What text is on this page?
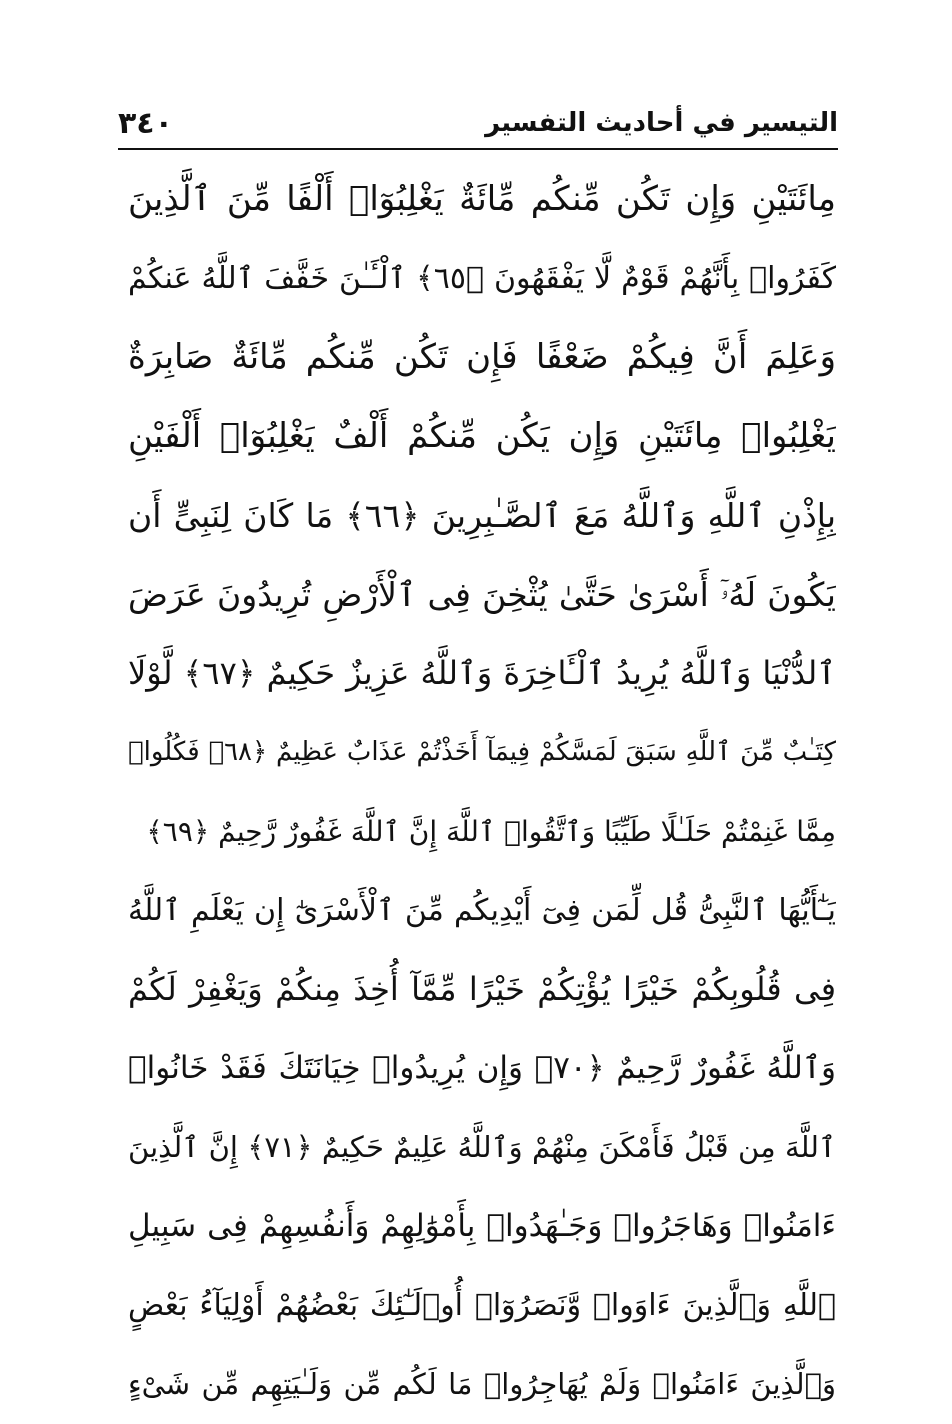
٣٤٠	التيسير في أحاديث التفسير
مِائَتَيْنِ وَإِن تَكُن مِّنكُم مِّائَةٌ يَغْلِبُوٓا۟ أَلْفًا مِّنَ ٱلَّذِينَ
كَفَرُوا۟ بِأَنَّهُمْ قَوْمٌ لَّا يَفْقَهُونَ ﴿٦٥﴾ ٱلْـَٔـٰنَ خَفَّفَ ٱللَّهُ عَنكُمْ
وَعَلِمَ أَنَّ فِيكُمْ ضَعْفًا فَإِن تَكُن مِّنكُم مِّائَةٌ صَابِرَةٌ
يَغْلِبُوا۟ مِائَتَيْنِ وَإِن يَكُن مِّنكُمْ أَلْفٌ يَغْلِبُوٓا۟ أَلْفَيْنِ
بِإِذْنِ ٱللَّهِ وَٱللَّهُ مَعَ ٱلصَّـٰبِرِينَ ﴿٦٦﴾ مَا كَانَ لِنَبِىٍّ أَن
يَكُونَ لَهُۥٓ أَسْرَىٰ حَتَّىٰ يُثْخِنَ فِى ٱلْأَرْضِ تُرِيدُونَ عَرَضَ
ٱلدُّنْيَا وَٱللَّهُ يُرِيدُ ٱلْـَٔاخِرَةَ وَٱللَّهُ عَزِيزٌ حَكِيمٌ ﴿٦٧﴾ لَّوْلَا
كِتَـٰبٌ مِّنَ ٱللَّهِ سَبَقَ لَمَسَّكُمْ فِيمَآ أَخَذْتُمْ عَذَابٌ عَظِيمٌ ﴿٦٨﴾ فَكُلُوا۟
مِمَّا غَنِمْتُمْ حَلَـٰلًا طَيِّبًا وَٱتَّقُوا۟ ٱللَّهَ إِنَّ ٱللَّهَ غَفُورٌ رَّحِيمٌ ﴿٦٩﴾
يَـٰٓأَيُّهَا ٱلنَّبِىُّ قُل لِّمَن فِىٓ أَيْدِيكُم مِّنَ ٱلْأَسْرَىٰٓ إِن يَعْلَمِ ٱللَّهُ
فِى قُلُوبِكُمْ خَيْرًا يُؤْتِكُمْ خَيْرًا مِّمَّآ أُخِذَ مِنكُمْ وَيَغْفِرْ لَكُمْ
وَٱللَّهُ غَفُورٌ رَّحِيمٌ ﴿٧٠﴾ وَإِن يُرِيدُوا۟ خِيَانَتَكَ فَقَدْ خَانُوا۟
ٱللَّهَ مِن قَبْلُ فَأَمْكَنَ مِنْهُمْ وَٱللَّهُ عَلِيمٌ حَكِيمٌ ﴿٧١﴾ إِنَّ ٱلَّذِينَ
ءَامَنُوا۟ وَهَاجَرُوا۟ وَجَـٰهَدُوا۟ بِأَمْوَٰلِهِمْ وَأَنفُسِهِمْ فِى سَبِيلِ
ٱللَّهِ وَٱلَّذِينَ ءَاوَوا۟ وَّنَصَرُوٓا۟ أُو۟لَـٰٓئِكَ بَعْضُهُمْ أَوْلِيَآءُ بَعْضٍ
وَٱلَّذِينَ ءَامَنُوا۟ وَلَمْ يُهَاجِرُوا۟ مَا لَكُم مِّن وَلَـٰيَتِهِم مِّن شَىْءٍ
